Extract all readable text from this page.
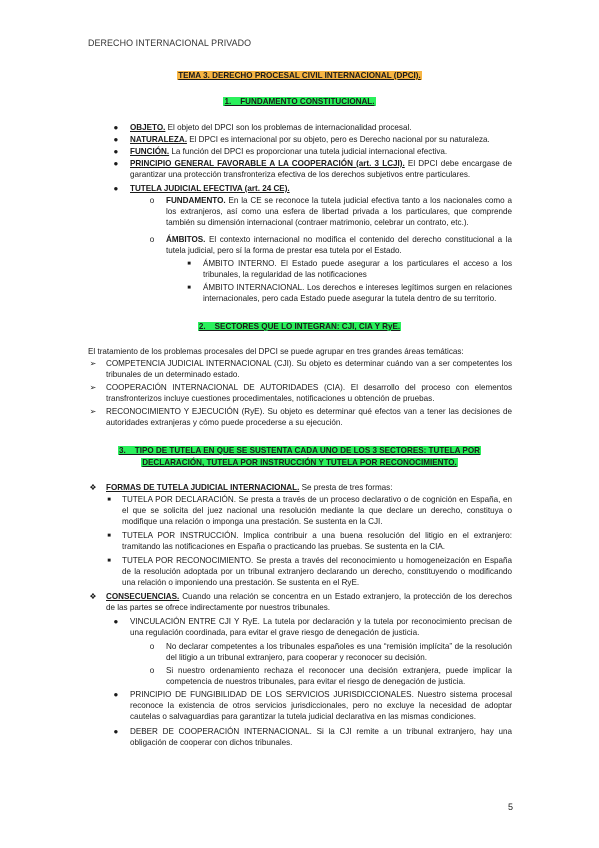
DERECHO INTERNACIONAL PRIVADO
TEMA 3. DERECHO PROCESAL CIVIL INTERNACIONAL (DPCI).
1.    FUNDAMENTO CONSTITUCIONAL.
●	OBJETO. El objeto del DPCI son los problemas de internacionalidad procesal.
●	NATURALEZA. El DPCI es internacional por su objeto, pero es Derecho nacional por su naturaleza.
●	FUNCIÓN. La función del DPCI es proporcionar una tutela judicial internacional efectiva.
●	PRINCIPIO GENERAL FAVORABLE A LA COOPERACIÓN (art. 3 LCJI). El DPCI debe encargase de garantizar una protección transfronteriza efectiva de los derechos subjetivos entre particulares.
●	TUTELA JUDICIAL EFECTIVA (art. 24 CE).
o	FUNDAMENTO. En la CE se reconoce la tutela judicial efectiva tanto a los nacionales como a los extranjeros, así como una esfera de libertad privada a los particulares, que comprende también su dimensión internacional (contraer matrimonio, celebrar un contrato, etc.).
o	ÁMBITOS. El contexto internacional no modifica el contenido del derecho constitucional a la tutela judicial, pero sí la forma de prestar esa tutela por el Estado.
■	ÁMBITO INTERNO. El Estado puede asegurar a los particulares el acceso a los tribunales, la regularidad de las notificaciones
■	ÁMBITO INTERNACIONAL. Los derechos e intereses legítimos surgen en relaciones internacionales, pero cada Estado puede asegurar la tutela dentro de su territorio.
2.    SECTORES QUE LO INTEGRAN: CJI, CIA Y RyE.
El tratamiento de los problemas procesales del DPCI se puede agrupar en tres grandes áreas temáticas:
➢ COMPETENCIA JUDICIAL INTERNACIONAL (CJI). Su objeto es determinar cuándo van a ser competentes los tribunales de un determinado estado.
➢ COOPERACIÓN INTERNACIONAL DE AUTORIDADES (CIA). El desarrollo del proceso con elementos transfronterizos incluye cuestiones procedimentales, notificaciones u obtención de pruebas.
➢ RECONOCIMIENTO Y EJECUCIÓN (RyE). Su objeto es determinar qué efectos van a tener las decisiones de autoridades extranjeras y cómo puede procederse a su ejecución.
3.    TIPO DE TUTELA EN QUE SE SUSTENTA CADA UNO DE LOS 3 SECTORES: TUTELA POR
DECLARACIÓN, TUTELA POR INSTRUCCIÓN Y TUTELA POR RECONOCIMIENTO.
❖ FORMAS DE TUTELA JUDICIAL INTERNACIONAL. Se presta de tres formas:
■	TUTELA POR DECLARACIÓN. Se presta a través de un proceso declarativo o de cognición en España, en el que se solicita del juez nacional una resolución mediante la que declare un derecho, constituya o modifique una relación o imponga una prestación. Se sustenta en la CJI.
■	TUTELA POR INSTRUCCIÓN. Implica contribuir a una buena resolución del litigio en el extranjero: tramitando las notificaciones en España o practicando las pruebas. Se sustenta en la CIA.
■	TUTELA POR RECONOCIMIENTO. Se presta a través del reconocimiento u homogeneización en España de la resolución adoptada por un tribunal extranjero declarando un derecho, constituyendo o modificando una relación o imponiendo una prestación. Se sustenta en el RyE.
❖ CONSECUENCIAS. Cuando una relación se concentra en un Estado extranjero, la protección de los derechos de las partes se ofrece indirectamente por nuestros tribunales.
●	VINCULACIÓN ENTRE CJI Y RyE. La tutela por declaración y la tutela por reconocimiento precisan de una regulación coordinada, para evitar el grave riesgo de denegación de justicia.
o	No declarar competentes a los tribunales españoles es una “remisión implícita” de la resolución del litigio a un tribunal extranjero, para cooperar y reconocer su decisión.
o	Si nuestro ordenamiento rechaza el reconocer una decisión extranjera, puede implicar la competencia de nuestros tribunales, para evitar el riesgo de denegación de justicia.
●	PRINCIPIO DE FUNGIBILIDAD DE LOS SERVICIOS JURISDICCIONALES. Nuestro sistema procesal reconoce la existencia de otros servicios jurisdiccionales, pero no excluye la necesidad de adoptar cautelas o salvaguardias para garantizar la tutela judicial declarativa en las mismas condiciones.
●	DEBER DE COOPERACIÓN INTERNACIONAL. Si la CJI remite a un tribunal extranjero, hay una obligación de cooperar con dichos tribunales.
5
